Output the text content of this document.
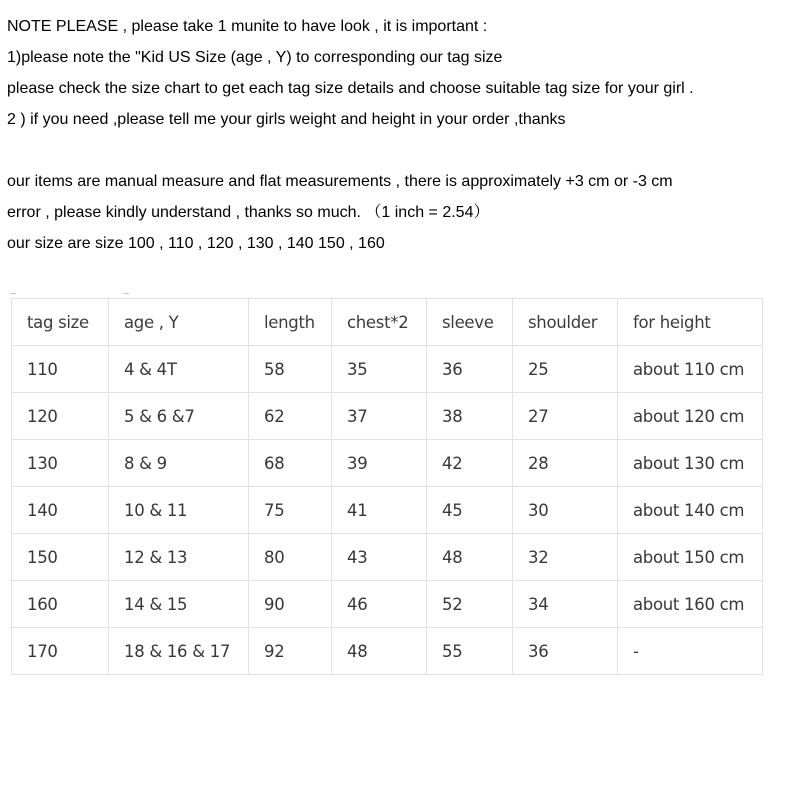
NOTE PLEASE , please take 1 munite to have look , it is important :
1)please note the "Kid US Size (age , Y) to corresponding our tag size
please check the size chart to get each tag size details and choose suitable tag size for your girl .
2 ) if you need ,please tell me your girls weight and height in your order ,thanks
our items are manual measure and flat measurements , there is approximately +3 cm or -3 cm
error , please kindly understand , thanks so much. （1 inch = 2.54）
our size are size 100 , 110 , 120 , 130 , 140 150 , 160
tag size	age , Y	length	chest*2	sleeve	shoulder	for height
110	4 & 4T	58	35	36	25	about 110 cm
120	5 & 6 &7	62	37	38	27	about 120 cm
130	8 & 9	68	39	42	28	about 130 cm
140	10 & 11	75	41	45	30	about 140 cm
150	12 & 13	80	43	48	32	about 150 cm
160	14 & 15	90	46	52	34	about 160 cm
170	18 & 16 & 17	92	48	55	36	-
